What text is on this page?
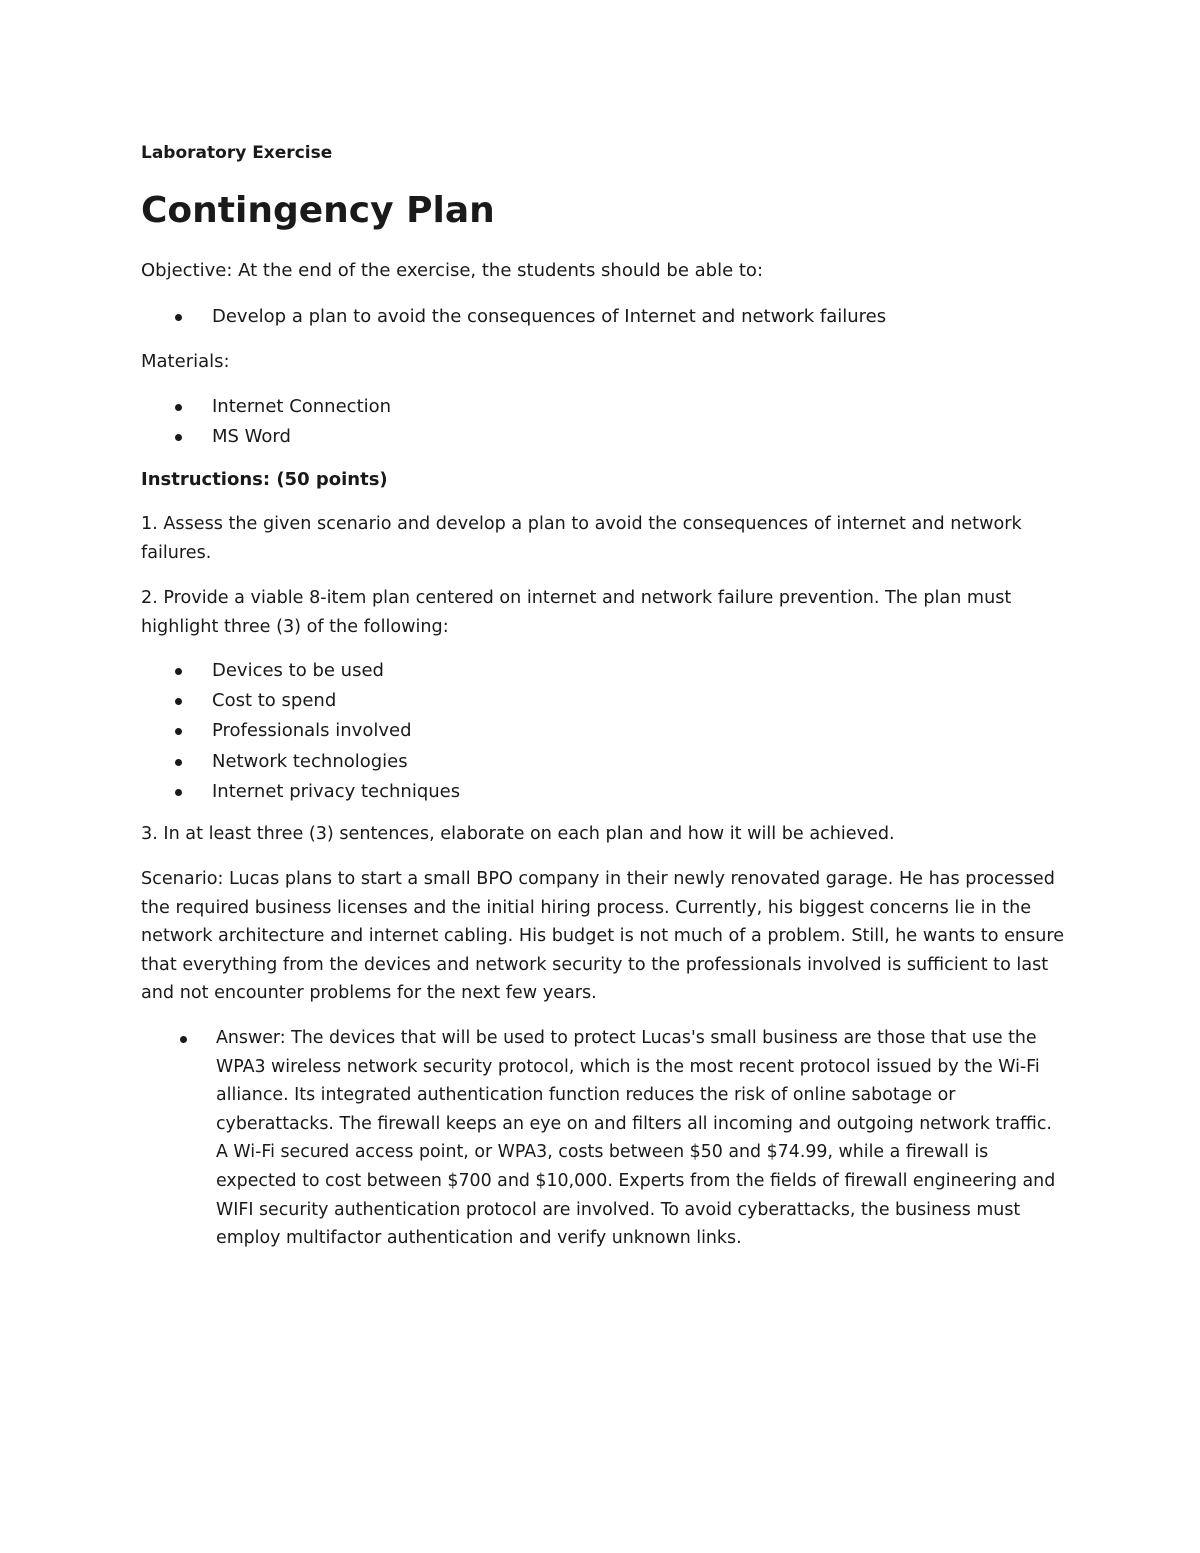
Laboratory Exercise
Contingency Plan
Objective: At the end of the exercise, the students should be able to:
Develop a plan to avoid the consequences of Internet and network failures
Materials:
Internet Connection
MS Word
Instructions: (50 points)
1. Assess the given scenario and develop a plan to avoid the consequences of internet and network failures.
2. Provide a viable 8-item plan centered on internet and network failure prevention. The plan must highlight three (3) of the following:
Devices to be used
Cost to spend
Professionals involved
Network technologies
Internet privacy techniques
3. In at least three (3) sentences, elaborate on each plan and how it will be achieved.
Scenario: Lucas plans to start a small BPO company in their newly renovated garage. He has processed the required business licenses and the initial hiring process. Currently, his biggest concerns lie in the network architecture and internet cabling. His budget is not much of a problem. Still, he wants to ensure that everything from the devices and network security to the professionals involved is sufficient to last and not encounter problems for the next few years.
Answer: The devices that will be used to protect Lucas's small business are those that use the WPA3 wireless network security protocol, which is the most recent protocol issued by the Wi-Fi alliance. Its integrated authentication function reduces the risk of online sabotage or cyberattacks. The firewall keeps an eye on and filters all incoming and outgoing network traffic. A Wi-Fi secured access point, or WPA3, costs between $50 and $74.99, while a firewall is expected to cost between $700 and $10,000. Experts from the fields of firewall engineering and WIFI security authentication protocol are involved. To avoid cyberattacks, the business must employ multifactor authentication and verify unknown links.
